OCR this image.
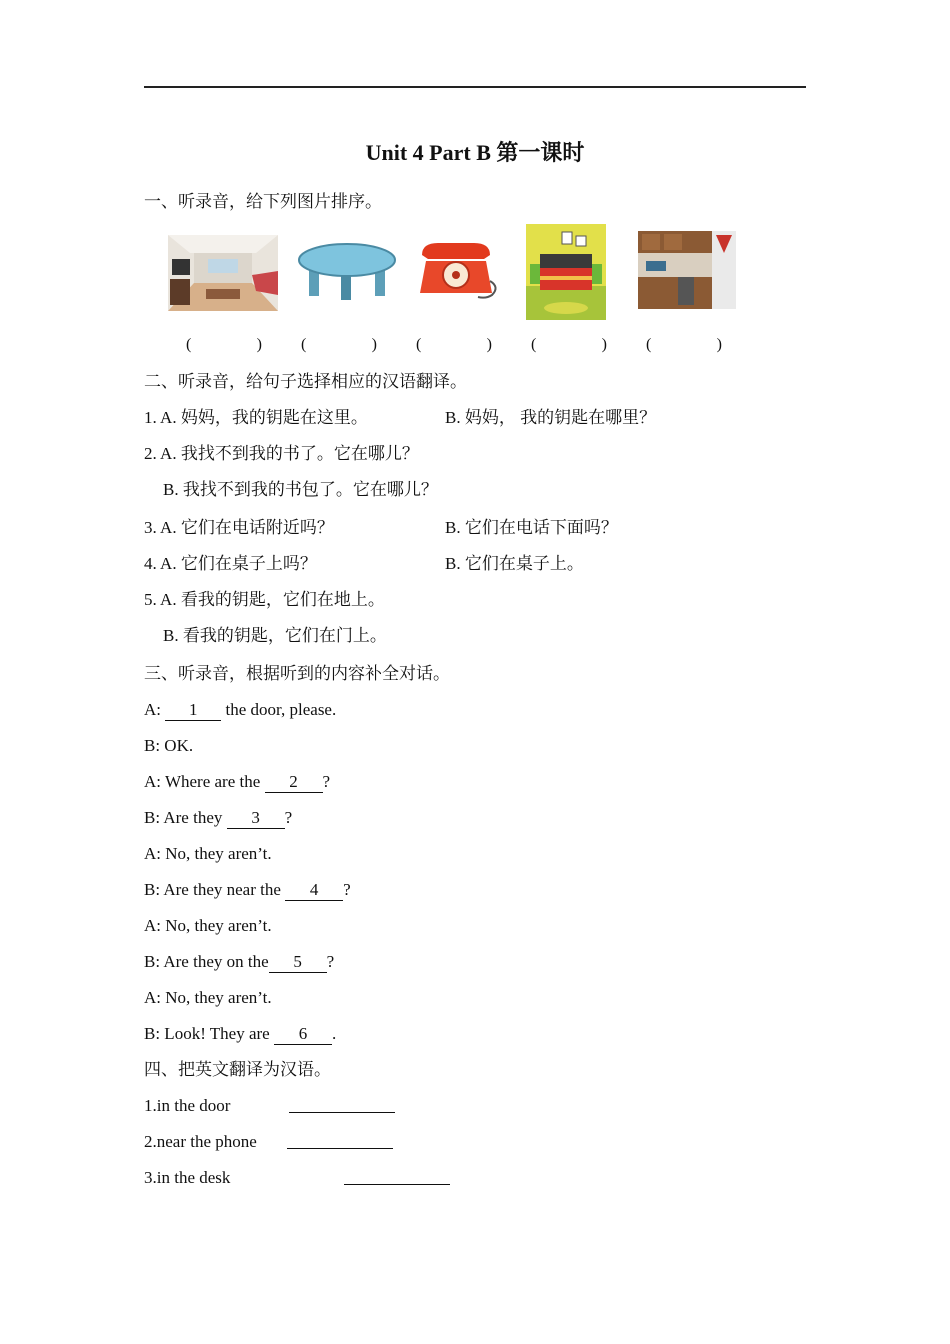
Unit 4 Part B 第一课时
一、听录音，给下列图片排序。
(	) (	) (	) (	) (	)
二、听录音，给句子选择相应的汉语翻译。
1. A. 妈妈，我的钥匙在这里。	B. 妈妈， 我的钥匙在哪里？
2. A. 我找不到我的书了。它在哪儿？
B. 我找不到我的书包了。它在哪儿？
3. A. 它们在电话附近吗？	B. 它们在电话下面吗？
4. A. 它们在桌子上吗？	B. 它们在桌子上。
5. A. 看我的钥匙，它们在地上。
B. 看我的钥匙，它们在门上。
三、听录音，根据听到的内容补全对话。
A: 1 the door, please.
B: OK.
A: Where are the 2 ?
B: Are they 3 ?
A: No, they aren’t.
B: Are they near the 4 ?
A: No, they aren’t.
B: Are they on the 5 ?
A: No, they aren’t.
B: Look! They are 6 .
四、把英文翻译为汉语。
1.in the door
2.near the phone
3.in the desk
